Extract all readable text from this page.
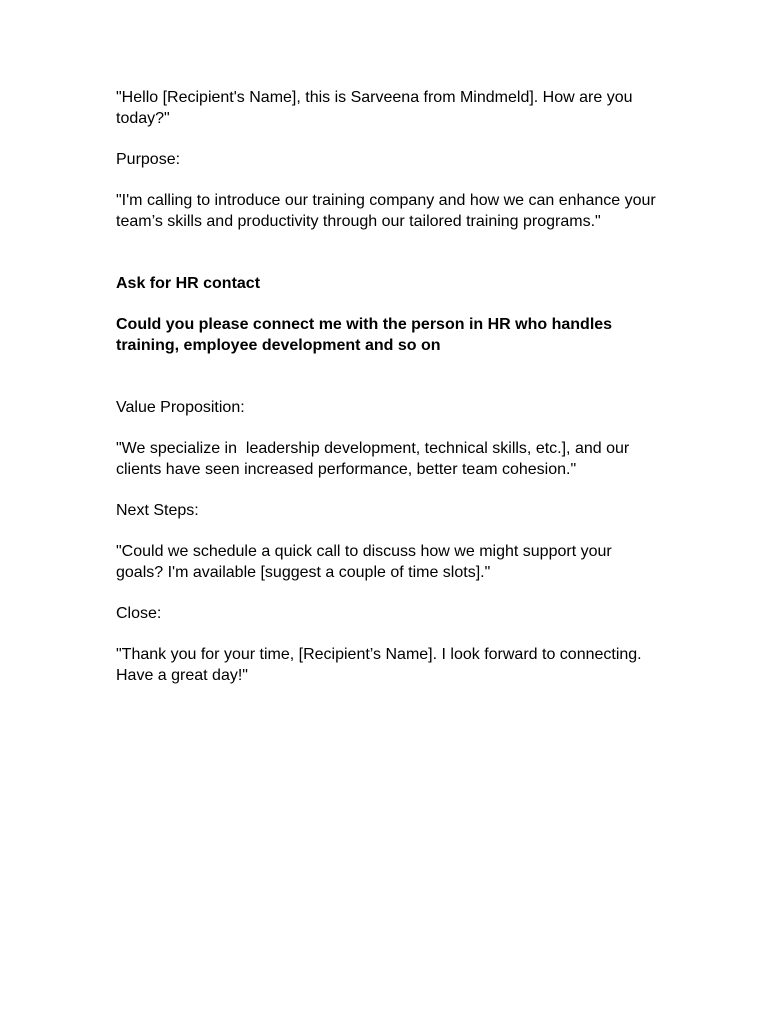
"Hello [Recipient's Name], this is Sarveena from Mindmeld]. How are you today?"

Purpose:

"I'm calling to introduce our training company and how we can enhance your team’s skills and productivity through our tailored training programs."

Ask for HR contact

Could you please connect me with the person in HR who handles training, employee development and so on

Value Proposition:

"We specialize in  leadership development, technical skills, etc.], and our clients have seen increased performance, better team cohesion."

Next Steps:

"Could we schedule a quick call to discuss how we might support your goals? I'm available [suggest a couple of time slots]."

Close:

"Thank you for your time, [Recipient’s Name]. I look forward to connecting. Have a great day!"
